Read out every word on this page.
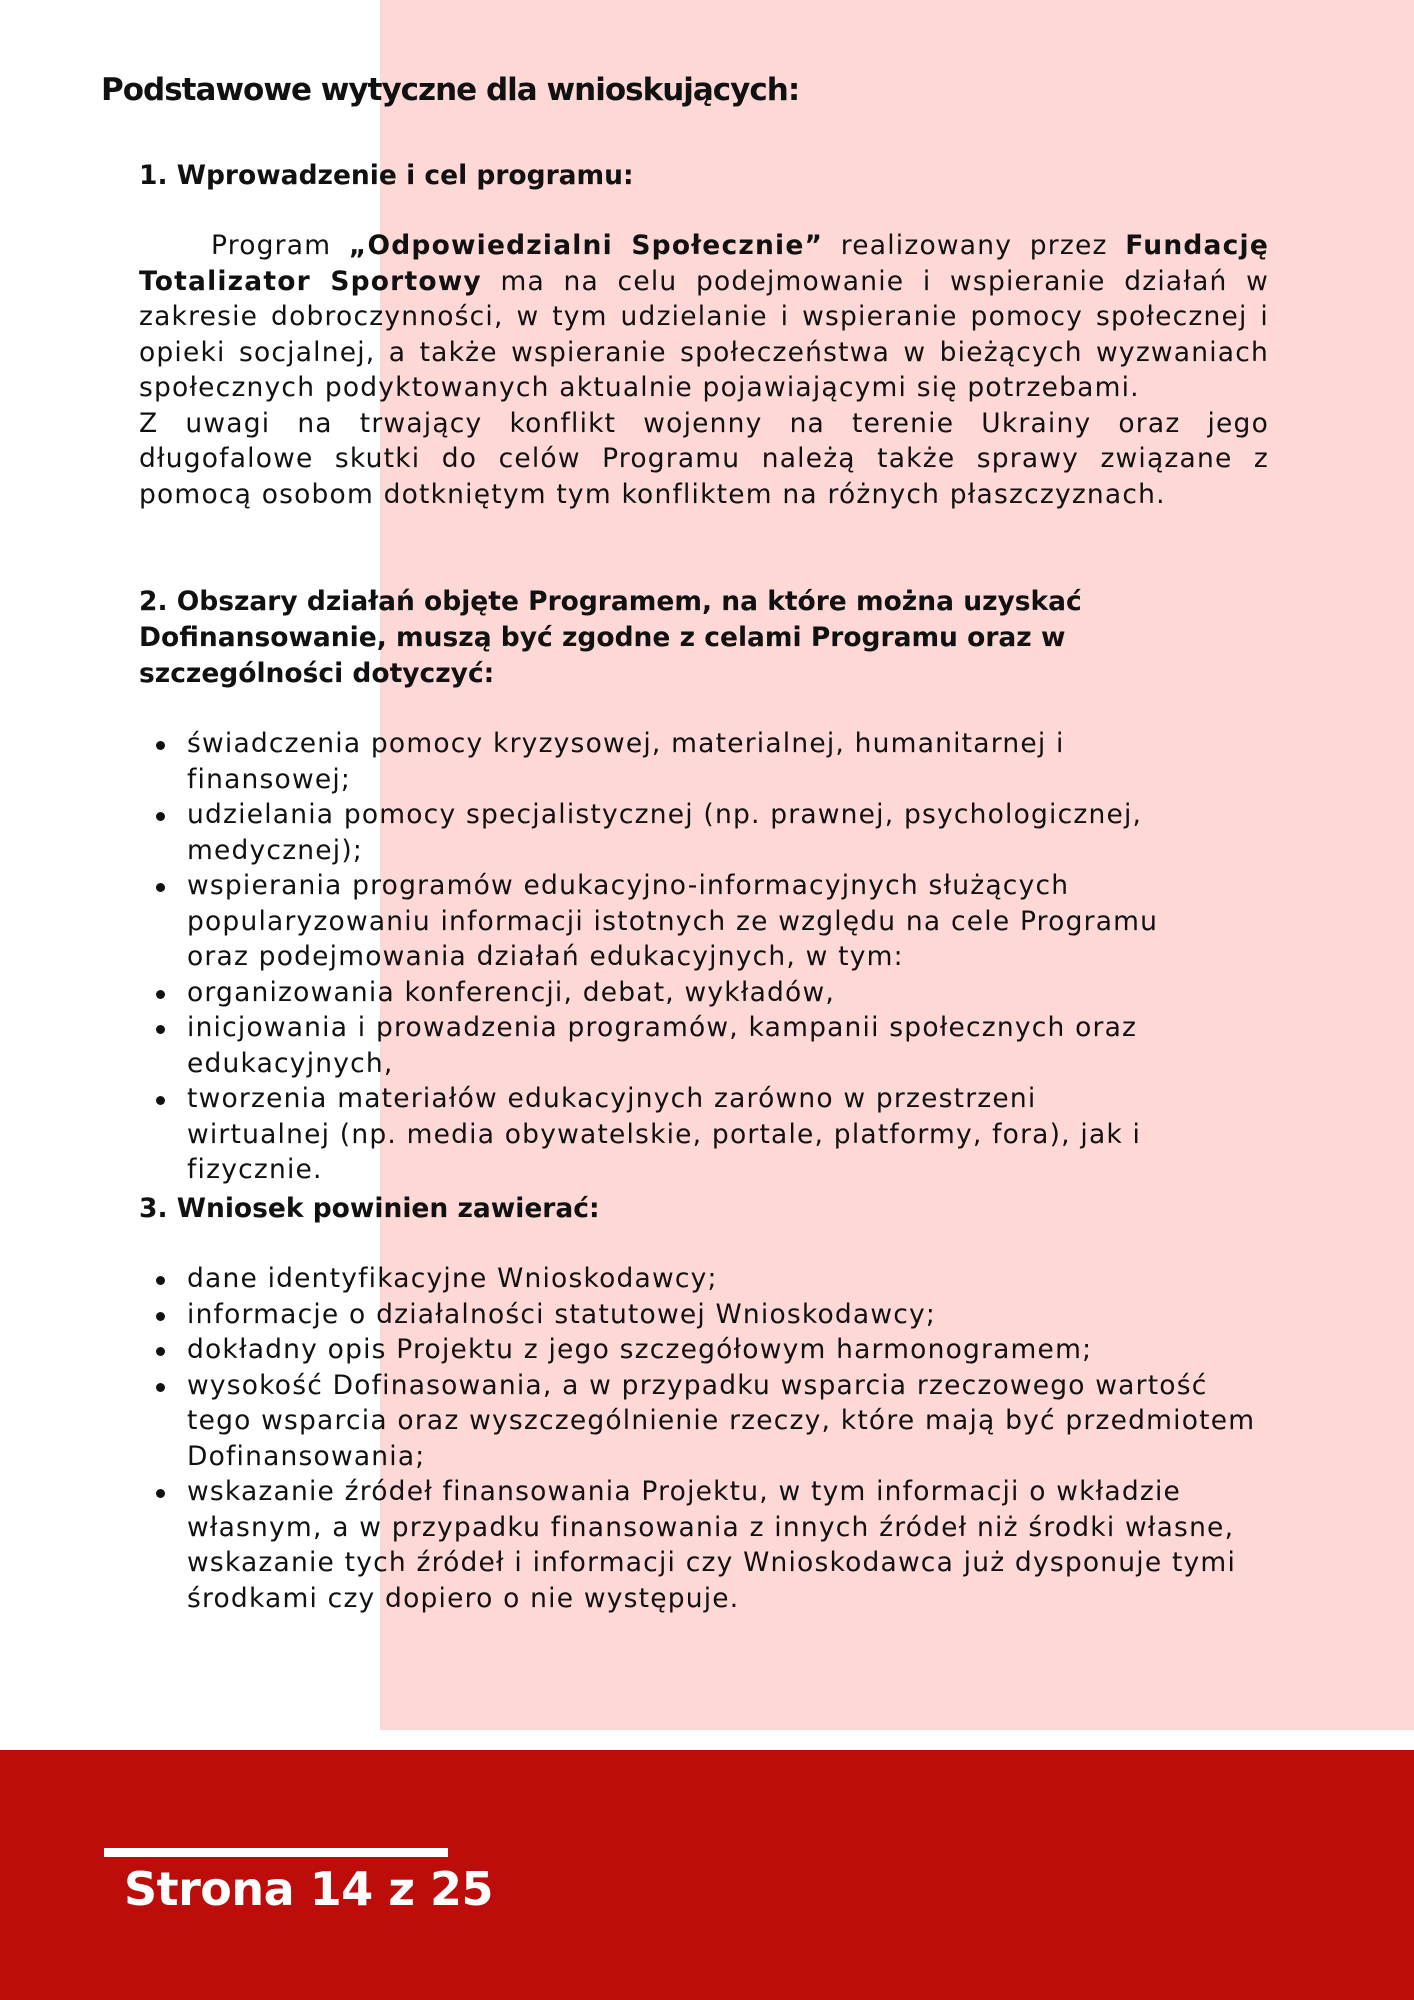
Podstawowe wytyczne dla wnioskujących:

1. Wprowadzenie i cel programu:

Program „Odpowiedzialni Społecznie” realizowany przez Fundację Totalizator Sportowy ma na celu podejmowanie i wspieranie działań w zakresie dobroczynności, w tym udzielanie i wspieranie pomocy społecznej i opieki socjalnej, a także wspieranie społeczeństwa w bieżących wyzwaniach społecznych podyktowanych aktualnie pojawiającymi się potrzebami.

Z uwagi na trwający konflikt wojenny na terenie Ukrainy oraz jego długofalowe skutki do celów Programu należą także sprawy związane z pomocą osobom dotkniętym tym konfliktem na różnych płaszczyznach.

2. Obszary działań objęte Programem, na które można uzyskać Dofinansowanie, muszą być zgodne z celami Programu oraz w szczególności dotyczyć:

świadczenia pomocy kryzysowej, materialnej, humanitarnej i finansowej;
udzielania pomocy specjalistycznej (np. prawnej, psychologicznej, medycznej);
wspierania programów edukacyjno-informacyjnych służących popularyzowaniu informacji istotnych ze względu na cele Programu oraz podejmowania działań edukacyjnych, w tym:
organizowania konferencji, debat, wykładów,
inicjowania i prowadzenia programów, kampanii społecznych oraz edukacyjnych,
tworzenia materiałów edukacyjnych zarówno w przestrzeni wirtualnej (np. media obywatelskie, portale, platformy, fora), jak i fizycznie.

3. Wniosek powinien zawierać:

dane identyfikacyjne Wnioskodawcy;
informacje o działalności statutowej Wnioskodawcy;
dokładny opis Projektu z jego szczegółowym harmonogramem;
wysokość Dofinasowania, a w przypadku wsparcia rzeczowego wartość tego wsparcia oraz wyszczególnienie rzeczy, które mają być przedmiotem Dofinansowania;
wskazanie źródeł finansowania Projektu, w tym informacji o wkładzie własnym, a w przypadku finansowania z innych źródeł niż środki własne, wskazanie tych źródeł i informacji czy Wnioskodawca już dysponuje tymi środkami czy dopiero o nie występuje.
Strona 14 z 25
